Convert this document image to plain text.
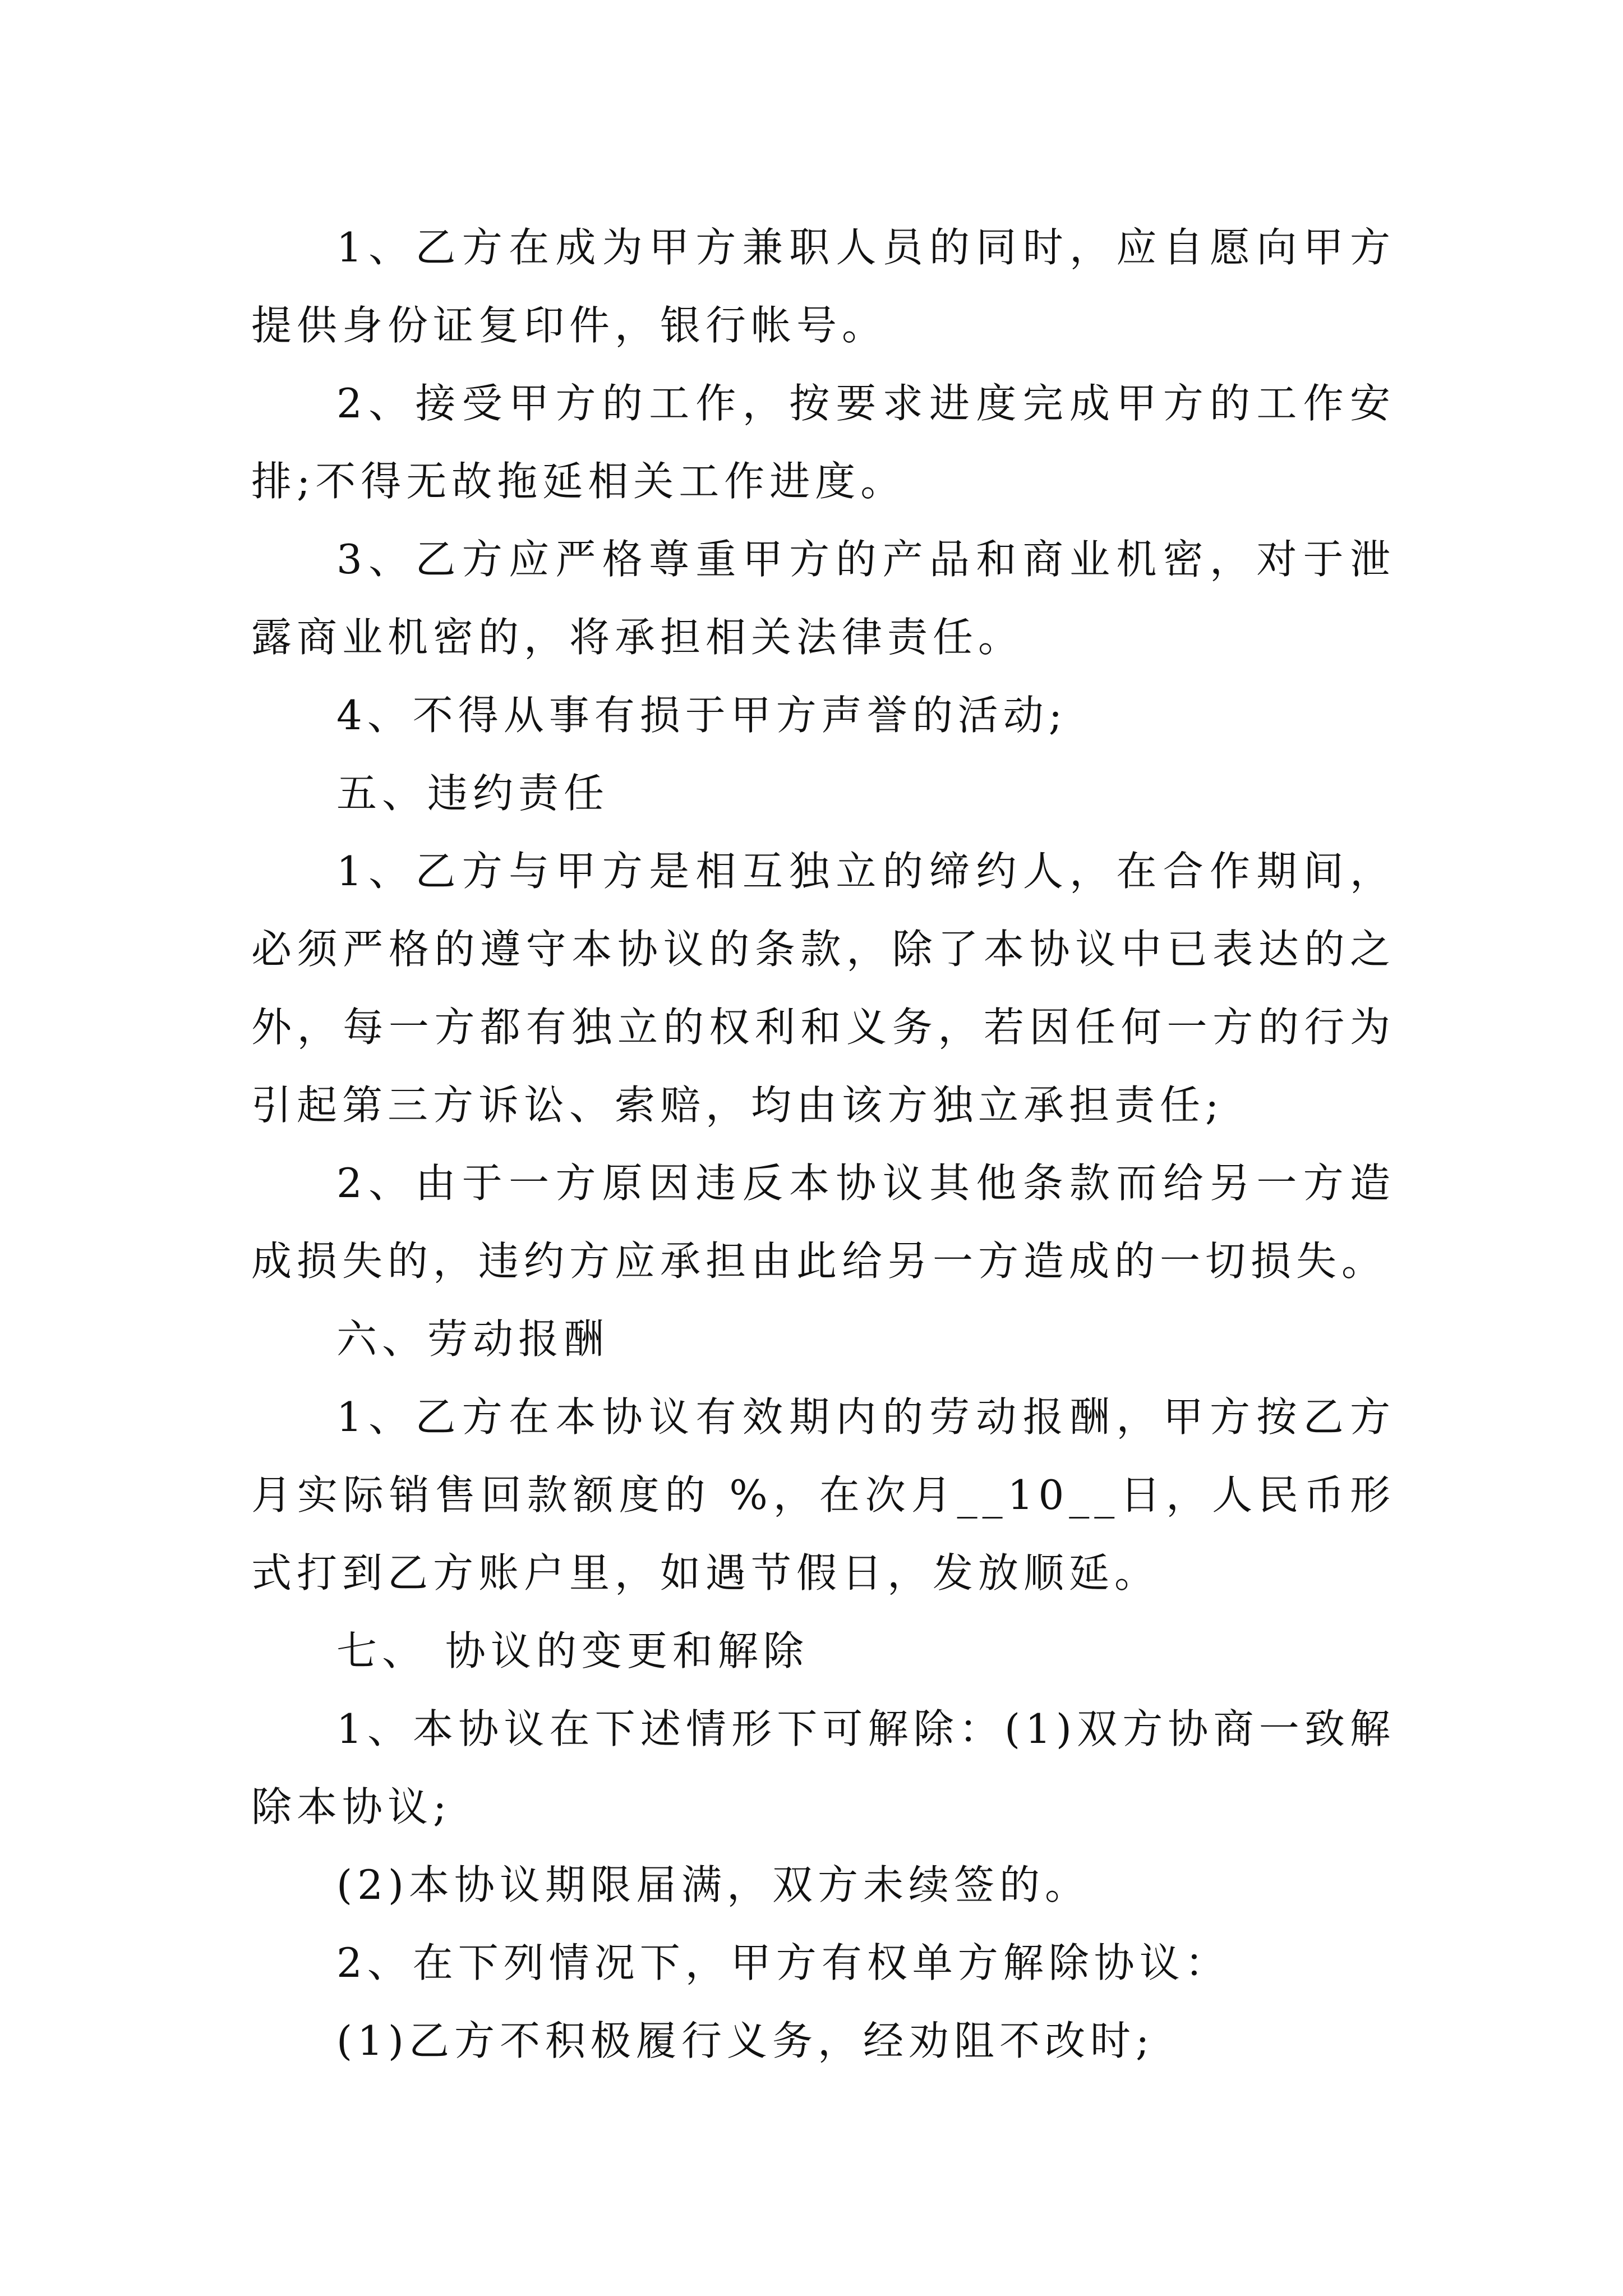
1、乙方在成为甲方兼职人员的同时，应自愿向甲方提供身份证复印件，银行帐号。

2、接受甲方的工作，按要求进度完成甲方的工作安排;不得无故拖延相关工作进度。

3、乙方应严格尊重甲方的产品和商业机密，对于泄露商业机密的，将承担相关法律责任。

4、不得从事有损于甲方声誉的活动;

五、违约责任

1、乙方与甲方是相互独立的缔约人，在合作期间，必须严格的遵守本协议的条款，除了本协议中已表达的之外，每一方都有独立的权利和义务，若因任何一方的行为引起第三方诉讼、索赔，均由该方独立承担责任;

2、由于一方原因违反本协议其他条款而给另一方造成损失的，违约方应承担由此给另一方造成的一切损失。

六、劳动报酬

1、乙方在本协议有效期内的劳动报酬，甲方按乙方月实际销售回款额度的 %，在次月__10__日，人民币形式打到乙方账户里，如遇节假日，发放顺延。

七、 协议的变更和解除

1、本协议在下述情形下可解除：(1)双方协商一致解除本协议;

(2)本协议期限届满，双方未续签的。

2、在下列情况下，甲方有权单方解除协议：

(1)乙方不积极履行义务，经劝阻不改时;
